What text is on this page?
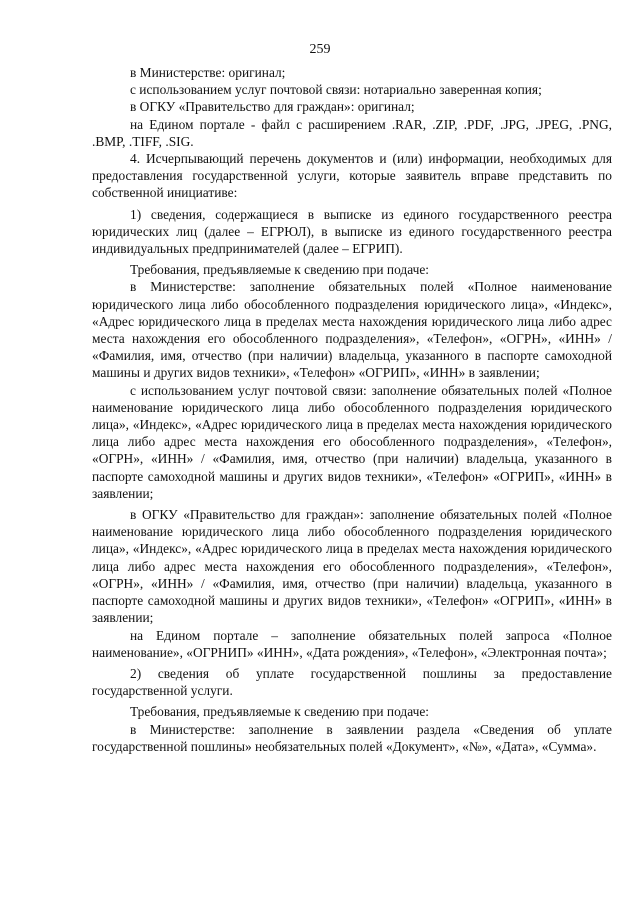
259

в Министерстве: оригинал;

с использованием услуг почтовой связи: нотариально заверенная копия;

в ОГКУ «Правительство для граждан»: оригинал;

на Едином портале - файл с расширением .RAR, .ZIP, .PDF, .JPG, .JPEG, .PNG, .BMP, .TIFF, .SIG.

4. Исчерпывающий перечень документов и (или) информации, необходимых для предоставления государственной услуги, которые заявитель вправе представить по собственной инициативе:

1) сведения, содержащиеся в выписке из единого государственного реестра юридических лиц (далее – ЕГРЮЛ), в выписке из единого государственного реестра индивидуальных предпринимателей (далее – ЕГРИП).

Требования, предъявляемые к сведению при подаче:

в Министерстве: заполнение обязательных полей «Полное наименование юридического лица либо обособленного подразделения юридического лица», «Индекс», «Адрес юридического лица в пределах места нахождения юридического лица либо адрес места нахождения его обособленного подразделения», «Телефон», «ОГРН», «ИНН» / «Фамилия, имя, отчество (при наличии) владельца, указанного в паспорте самоходной машины и других видов техники», «Телефон» «ОГРИП», «ИНН» в заявлении;

с использованием услуг почтовой связи: заполнение обязательных полей «Полное наименование юридического лица либо обособленного подразделения юридического лица», «Индекс», «Адрес юридического лица в пределах места нахождения юридического лица либо адрес места нахождения его обособленного подразделения», «Телефон», «ОГРН», «ИНН» / «Фамилия, имя, отчество (при наличии) владельца, указанного в паспорте самоходной машины и других видов техники», «Телефон» «ОГРИП», «ИНН» в заявлении;

в ОГКУ «Правительство для граждан»: заполнение обязательных полей «Полное наименование юридического лица либо обособленного подразделения юридического лица», «Индекс», «Адрес юридического лица в пределах места нахождения юридического лица либо адрес места нахождения его обособленного подразделения», «Телефон», «ОГРН», «ИНН» / «Фамилия, имя, отчество (при наличии) владельца, указанного в паспорте самоходной машины и других видов техники», «Телефон» «ОГРИП», «ИНН» в заявлении;

на Едином портале – заполнение обязательных полей запроса «Полное наименование», «ОГРНИП» «ИНН», «Дата рождения», «Телефон», «Электронная почта»;

2) сведения об уплате государственной пошлины за предоставление государственной услуги.

Требования, предъявляемые к сведению при подаче:

в Министерстве: заполнение в заявлении раздела «Сведения об уплате государственной пошлины» необязательных полей «Документ», «№», «Дата», «Сумма».
